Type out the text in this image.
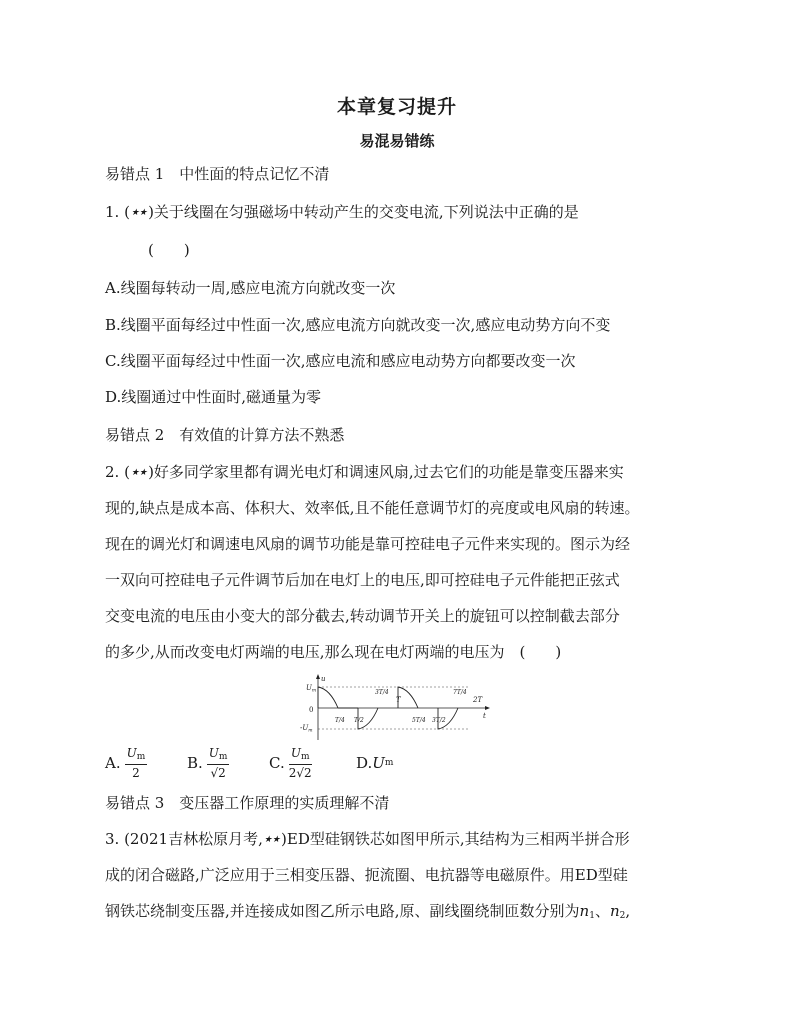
本章复习提升
易混易错练
易错点 1　中性面的特点记忆不清
1. (★★)关于线圈在匀强磁场中转动产生的交变电流,下列说法中正确的是
(　　)
A.线圈每转动一周,感应电流方向就改变一次
B.线圈平面每经过中性面一次,感应电流方向就改变一次,感应电动势方向不变
C.线圈平面每经过中性面一次,感应电流和感应电动势方向都要改变一次
D.线圈通过中性面时,磁通量为零
易错点 2　有效值的计算方法不熟悉
2. (★★)好多同学家里都有调光电灯和调速风扇,过去它们的功能是靠变压器来实
现的,缺点是成本高、体积大、效率低,且不能任意调节灯的亮度或电风扇的转速。
现在的调光灯和调速电风扇的调节功能是靠可控硅电子元件来实现的。图示为经
一双向可控硅电子元件调节后加在电灯上的电压,即可控硅电子元件能把正弦式
交变电流的电压由小变大的部分截去,转动调节开关上的旋钮可以控制截去部分
的多少,从而改变电灯两端的电压,那么现在电灯两端的电压为　(　　)
u
t
$U_m$
$-U_m$
0
3T/4
T
7T/4
2T
T/4 T/2	5T/4 3T/2
A. $\frac{U_m}{2}$	B. $\frac{U_m}{√2}$	C. $\frac{U_m}{2√2}$	D. U m
易错点 3　变压器工作原理的实质理解不清
3. (2021吉林松原月考,★★)ED型硅钢铁芯如图甲所示,其结构为三相两半拼合形
成的闭合磁路,广泛应用于三相变压器、扼流圈、电抗器等电磁原件。用ED型硅
钢铁芯绕制变压器,并连接成如图乙所示电路,原、副线圈绕制匝数分别为$n_1$、$n_2$,
